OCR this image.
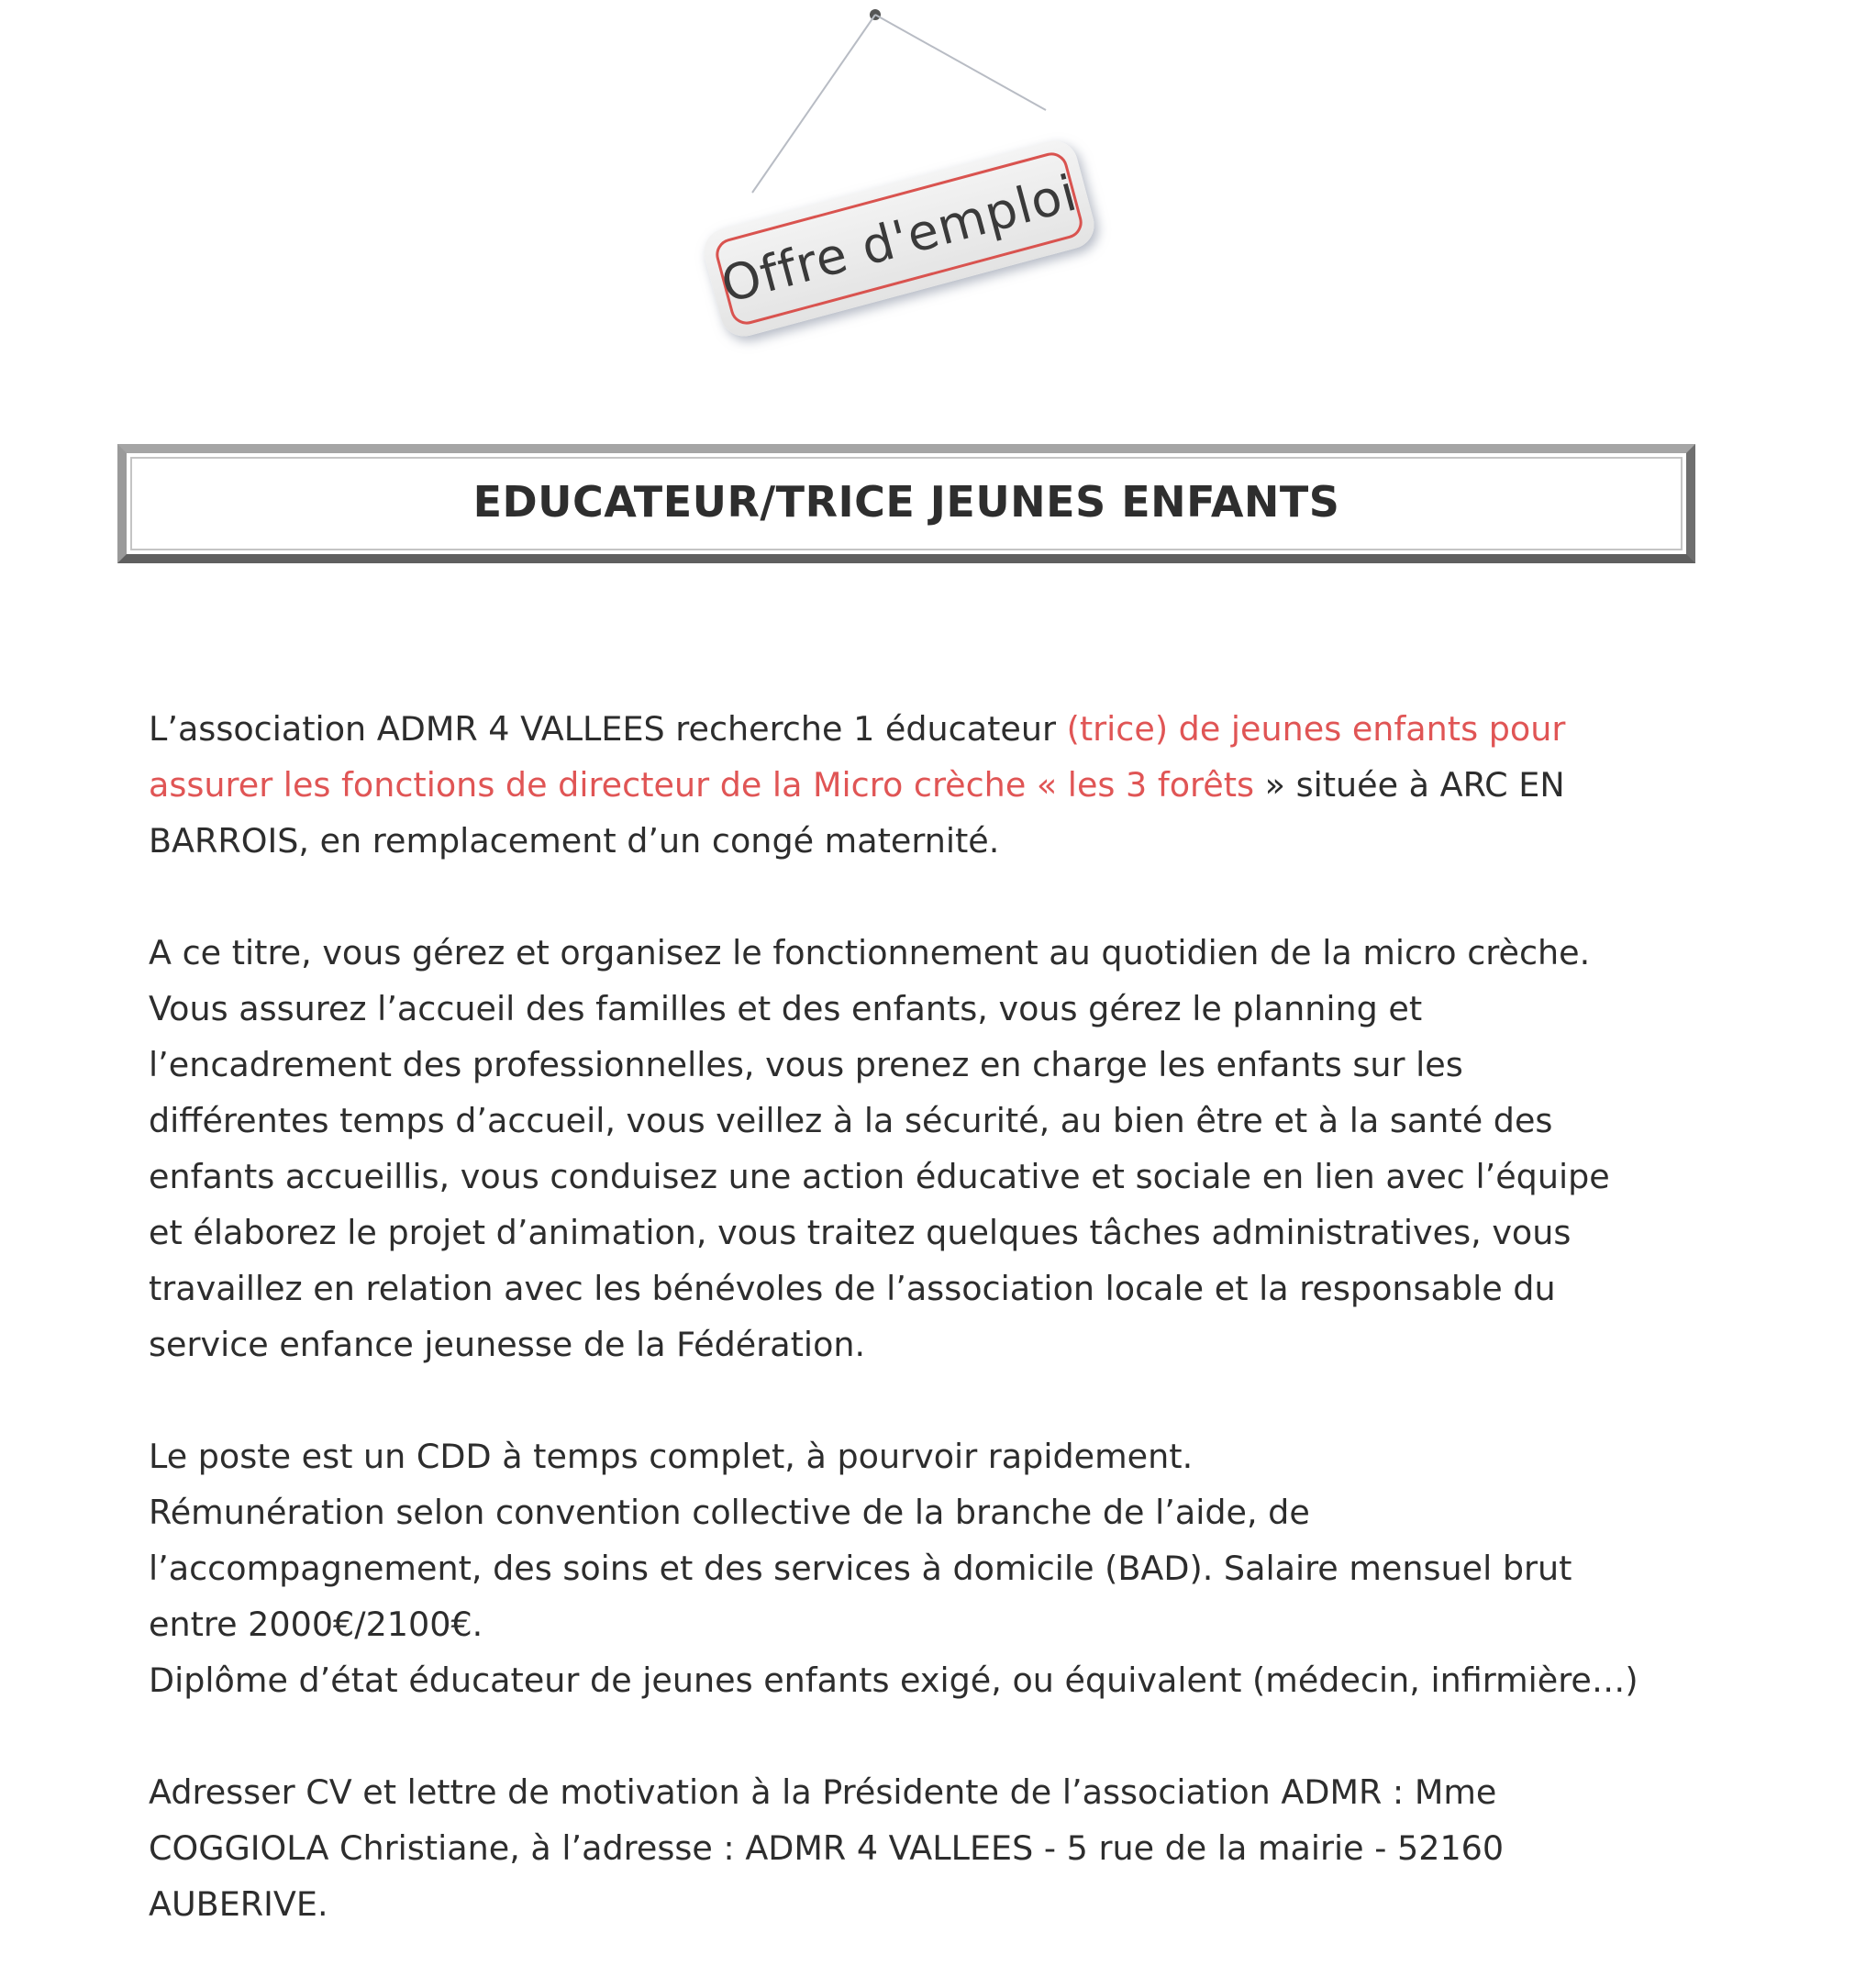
Offre d'emploi
EDUCATEUR/TRICE JEUNES ENFANTS

L’association ADMR 4 VALLEES recherche 1 éducateur (trice) de jeunes enfants pour assurer les fonctions de directeur de la Micro crèche « les 3 forêts » située à ARC EN BARROIS, en remplacement d’un congé maternité.

A ce titre, vous gérez et organisez le fonctionnement au quotidien de la micro crèche. Vous assurez l’accueil des familles et des enfants, vous gérez le planning et l’encadrement des professionnelles, vous prenez en charge les enfants sur les différentes temps d’accueil, vous veillez à la sécurité, au bien être et à la santé des enfants accueillis, vous conduisez une action éducative et sociale en lien avec l’équipe et élaborez le projet d’animation, vous traitez quelques tâches administratives, vous travaillez en relation avec les bénévoles de l’association locale et la responsable du service enfance jeunesse de la Fédération.

Le poste est un CDD à temps complet, à pourvoir rapidement.

Rémunération selon convention collective de la branche de l’aide, de l’accompagnement, des soins et des services à domicile (BAD). Salaire mensuel brut entre 2000€/2100€.

Diplôme d’état éducateur de jeunes enfants exigé, ou équivalent (médecin, infirmière…)

Adresser CV et lettre de motivation à la Présidente de l’association ADMR : Mme COGGIOLA Christiane, à l’adresse : ADMR 4 VALLEES - 5 rue de la mairie - 52160 AUBERIVE.
